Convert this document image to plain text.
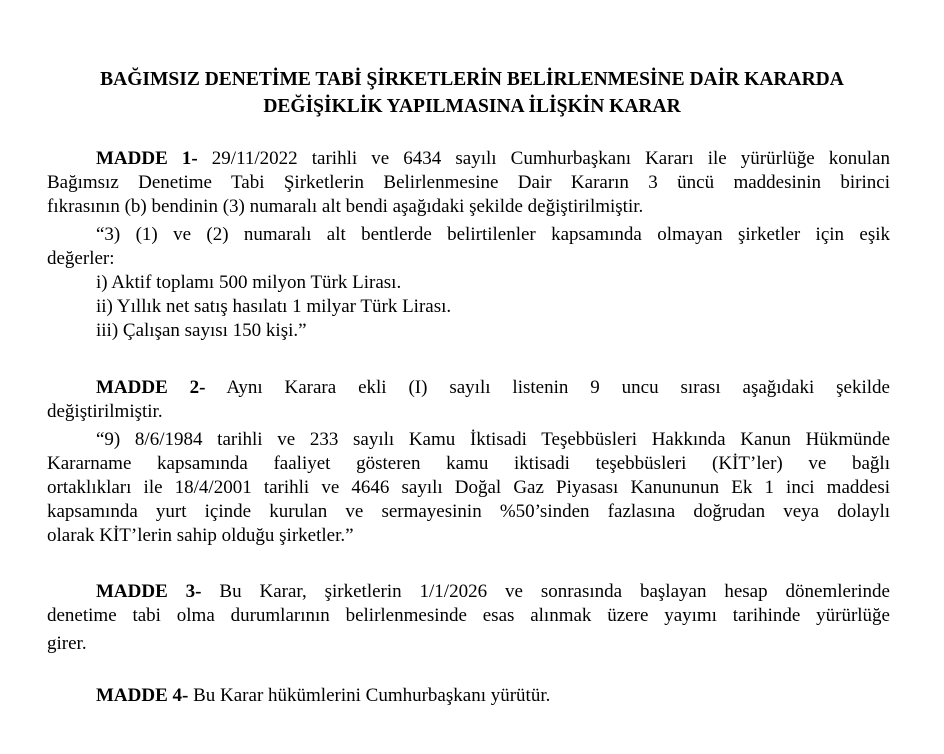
BAĞIMSIZ DENETİME TABİ ŞİRKETLERİN BELİRLENMESİNE DAİR KARARDA
DEĞİŞİKLİK YAPILMASINA İLİŞKİN KARAR
MADDE 1- 29/11/2022 tarihli ve 6434 sayılı Cumhurbaşkanı Kararı ile yürürlüğe konulan
Bağımsız Denetime Tabi Şirketlerin Belirlenmesine Dair Kararın 3 üncü maddesinin birinci
fıkrasının (b) bendinin (3) numaralı alt bendi aşağıdaki şekilde değiştirilmiştir.
“3) (1) ve (2) numaralı alt bentlerde belirtilenler kapsamında olmayan şirketler için eşik
değerler:
i) Aktif toplamı 500 milyon Türk Lirası.
ii) Yıllık net satış hasılatı 1 milyar Türk Lirası.
iii) Çalışan sayısı 150 kişi.”
MADDE 2- Aynı Karara ekli (I) sayılı listenin 9 uncu sırası aşağıdaki şekilde
değiştirilmiştir.
“9) 8/6/1984 tarihli ve 233 sayılı Kamu İktisadi Teşebbüsleri Hakkında Kanun Hükmünde
Kararname kapsamında faaliyet gösteren kamu iktisadi teşebbüsleri (KİT’ler) ve bağlı
ortaklıkları ile 18/4/2001 tarihli ve 4646 sayılı Doğal Gaz Piyasası Kanununun Ek 1 inci maddesi
kapsamında yurt içinde kurulan ve sermayesinin %50’sinden fazlasına doğrudan veya dolaylı
olarak KİT’lerin sahip olduğu şirketler.”
MADDE 3- Bu Karar, şirketlerin 1/1/2026 ve sonrasında başlayan hesap dönemlerinde
denetime tabi olma durumlarının belirlenmesinde esas alınmak üzere yayımı tarihinde yürürlüğe
girer.
MADDE 4- Bu Karar hükümlerini Cumhurbaşkanı yürütür.
